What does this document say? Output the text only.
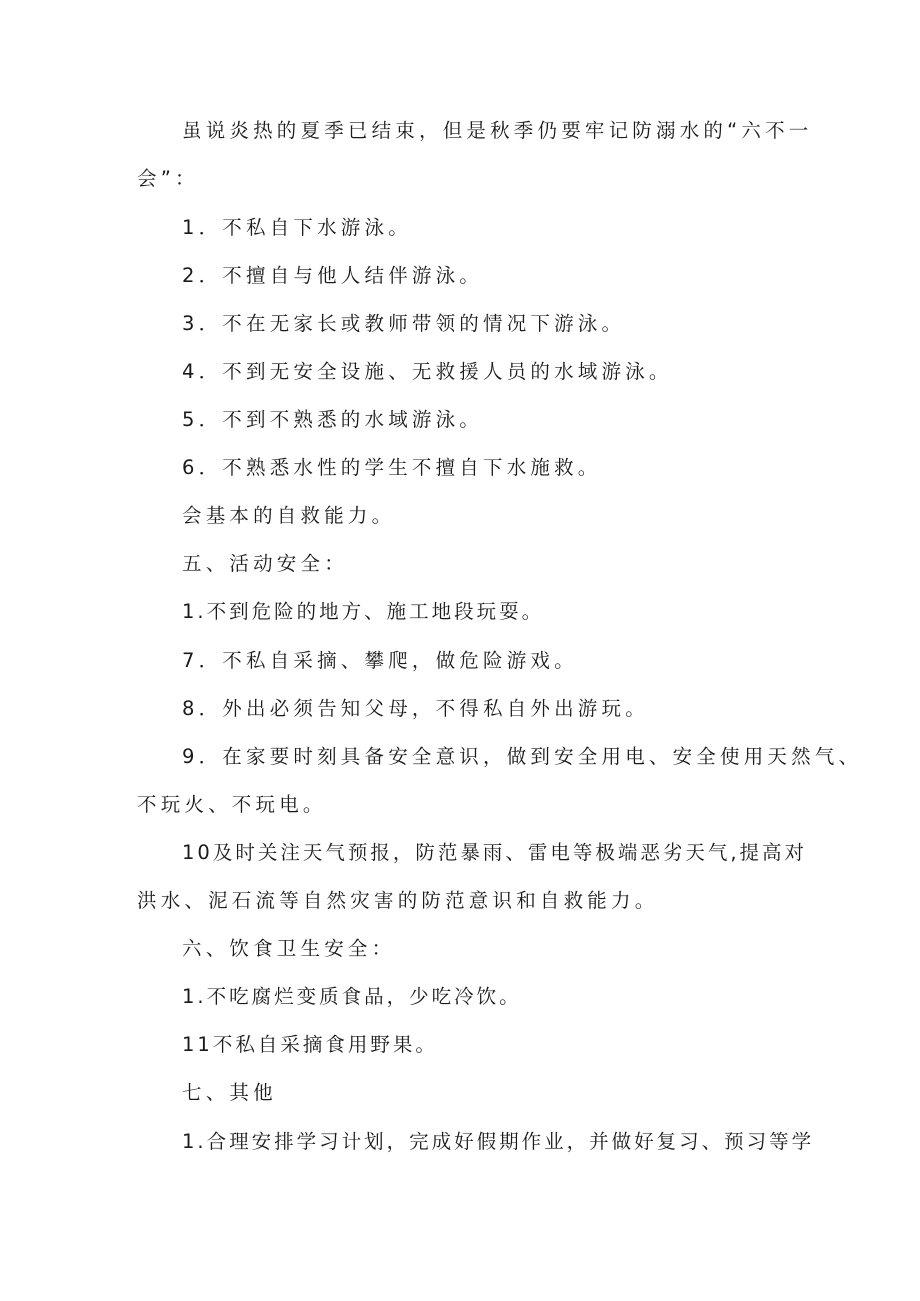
虽说炎热的夏季已结束，但是秋季仍要牢记防溺水的“六不一
会”：
1．不私自下水游泳。
2．不擅自与他人结伴游泳。
3．不在无家长或教师带领的情况下游泳。
4．不到无安全设施、无救援人员的水域游泳。
5．不到不熟悉的水域游泳。
6．不熟悉水性的学生不擅自下水施救。
会基本的自救能力。
五、活动安全：
1.不到危险的地方、施工地段玩耍。
7．不私自采摘、攀爬，做危险游戏。
8．外出必须告知父母，不得私自外出游玩。
9．在家要时刻具备安全意识，做到安全用电、安全使用天然气、
不玩火、不玩电。
10及时关注天气预报，防范暴雨、雷电等极端恶劣天气,提高对
洪水、泥石流等自然灾害的防范意识和自救能力。
六、饮食卫生安全：
1.不吃腐烂变质食品，少吃冷饮。
11不私自采摘食用野果。
七、其他
1.合理安排学习计划，完成好假期作业，并做好复习、预习等学
